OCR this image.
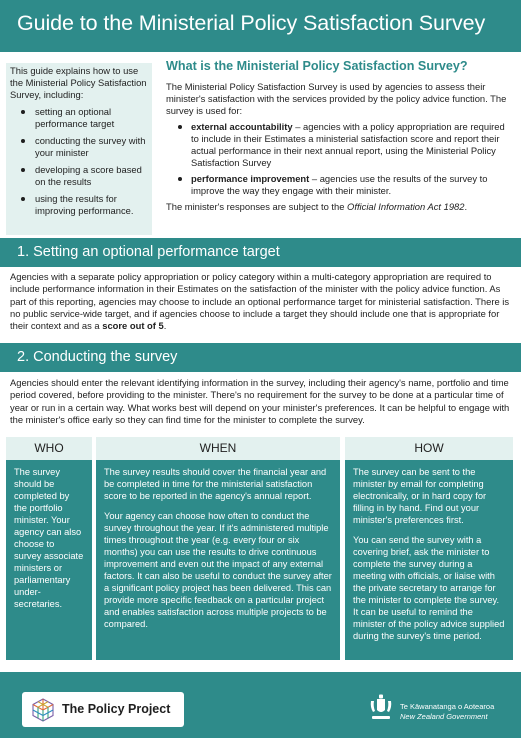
Guide to the Ministerial Policy Satisfaction Survey

This guide explains how to use the Ministerial Policy Satisfaction Survey, including:

setting an optional performance target
conducting the survey with your minister
developing a score based on the results
using the results for improving performance.
What is the Ministerial Policy Satisfaction Survey?

The Ministerial Policy Satisfaction Survey is used by agencies to assess their minister's satisfaction with the services provided by the policy advice function. The survey is used for:

external accountability – agencies with a policy appropriation are required to include in their Estimates a ministerial satisfaction score and report their actual performance in their next annual report, using the Ministerial Policy Satisfaction Survey
performance improvement – agencies use the results of the survey to improve the way they engage with their minister.

The minister's responses are subject to the Official Information Act 1982.

1. Setting an optional performance target

Agencies with a separate policy appropriation or policy category within a multi-category appropriation are required to include performance information in their Estimates on the satisfaction of the minister with the policy advice function. As part of this reporting, agencies may choose to include an optional performance target for ministerial satisfaction. There is no public service-wide target, and if agencies choose to include a target they should include one that is appropriate for their context and as a score out of 5.

2. Conducting the survey

Agencies should enter the relevant identifying information in the survey, including their agency's name, portfolio and time period covered, before providing to the minister. There's no requirement for the survey to be done at a particular time of year or run in a certain way. What works best will depend on your minister's preferences. It can be helpful to engage with the minister's office early so they can find time for the minister to complete the survey.

WHO

The survey should be completed by the portfolio minister. Your agency can also choose to survey associate ministers or parliamentary under-secretaries.

WHEN

The survey results should cover the financial year and be completed in time for the ministerial satisfaction score to be reported in the agency's annual report.

Your agency can choose how often to conduct the survey throughout the year. If it's administered multiple times throughout the year (e.g. every four or six months) you can use the results to drive continuous improvement and even out the impact of any external factors. It can also be useful to conduct the survey after a significant policy project has been delivered. This can provide more specific feedback on a particular project and enables satisfaction across multiple projects to be compared.

HOW

The survey can be sent to the minister by email for completing electronically, or in hard copy for filling in by hand. Find out your minister's preferences first.

You can send the survey with a covering brief, ask the minister to complete the survey during a meeting with officials, or liaise with the private secretary to arrange for the minister to complete the survey. It can be useful to remind the minister of the policy advice supplied during the survey's time period.

The Policy Project	Te Kāwanatanga o Aotearoa
New Zealand Government
